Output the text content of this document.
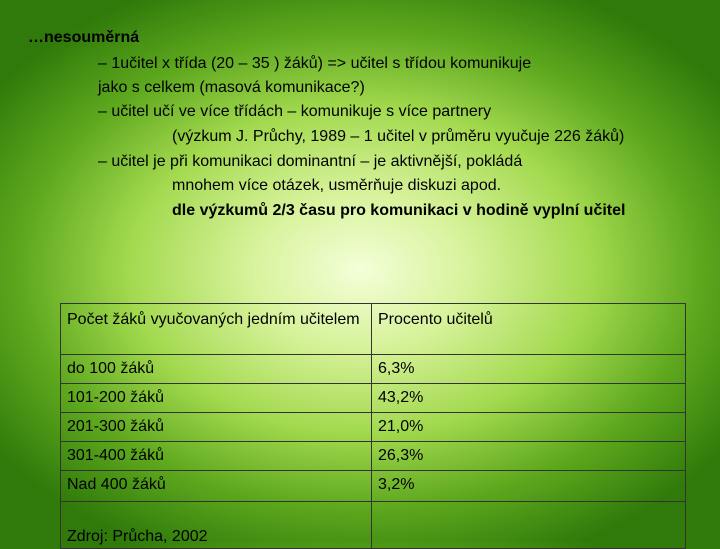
…nesouměrná
– 1učitel x třída (20 – 35 ) žáků) => učitel s třídou komunikuje
jako s celkem (masová komunikace?)
– učitel učí ve více třídách – komunikuje s více partnery
(výzkum J. Průchy, 1989 – 1 učitel v průměru vyučuje 226 žáků)
– učitel je při komunikaci dominantní – je aktivnější, pokládá
mnohem více otázek, usměrňuje diskuzi apod.
dle výzkumů 2/3 času pro komunikaci v hodině vyplní učitel
Počet žáků vyučovaných jedním učitelem	Procento učitelů
do 100 žáků	6,3%
101-200 žáků	43,2%
201-300 žáků	21,0%
301-400 žáků	26,3%
Nad 400 žáků	3,2%
Zdroj: Průcha, 2002	
